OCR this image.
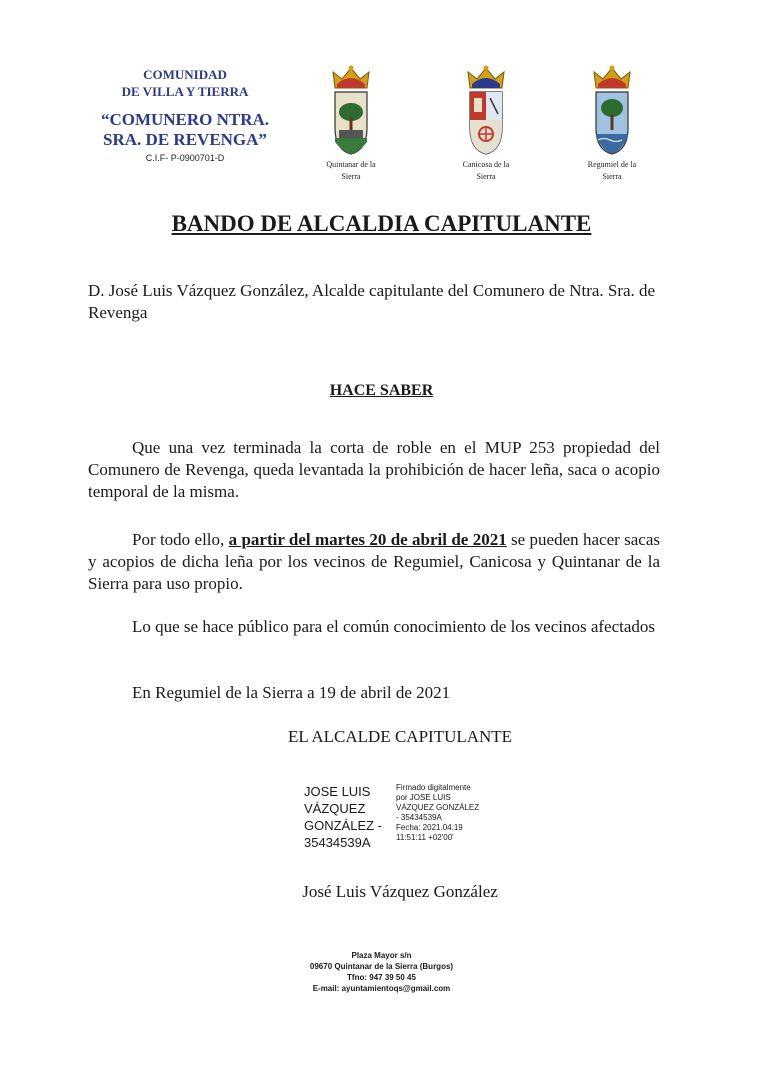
COMUNIDAD
DE VILLA Y TIERRA
“COMUNERO NTRA.
SRA. DE REVENGA”
C.I.F- P-0900701-D
Quintanar de la
Sierra
Canicosa de la
Sierra
Regumiel de la
Sierra
BANDO DE ALCALDIA CAPITULANTE
D. José Luis Vázquez González, Alcalde capitulante del Comunero de Ntra. Sra. de Revenga
HACE SABER
Que una vez terminada la corta de roble en el MUP 253 propiedad del Comunero de Revenga, queda levantada la prohibición de hacer leña, saca o acopio temporal de la misma.
Por todo ello, a partir del martes 20 de abril de 2021 se pueden hacer sacas y acopios de dicha leña por los vecinos de Regumiel, Canicosa y Quintanar de la Sierra para uso propio.
Lo que se hace público para el común conocimiento de los vecinos afectados
En Regumiel de la Sierra a 19 de abril de 2021
EL ALCALDE CAPITULANTE
JOSE LUIS
VÁZQUEZ
GONZÁLEZ -
35434539A
Firmado digitalmente
por JOSE LUIS
VÁZQUEZ GONZÁLEZ
- 35434539A
Fecha: 2021.04.19
11:51:11 +02'00'
José Luis Vázquez González
Plaza Mayor s/n
09670 Quintanar de la Sierra (Burgos)
Tfno: 947 39 50 45
E-mail: ayuntamientoqs@gmail.com
